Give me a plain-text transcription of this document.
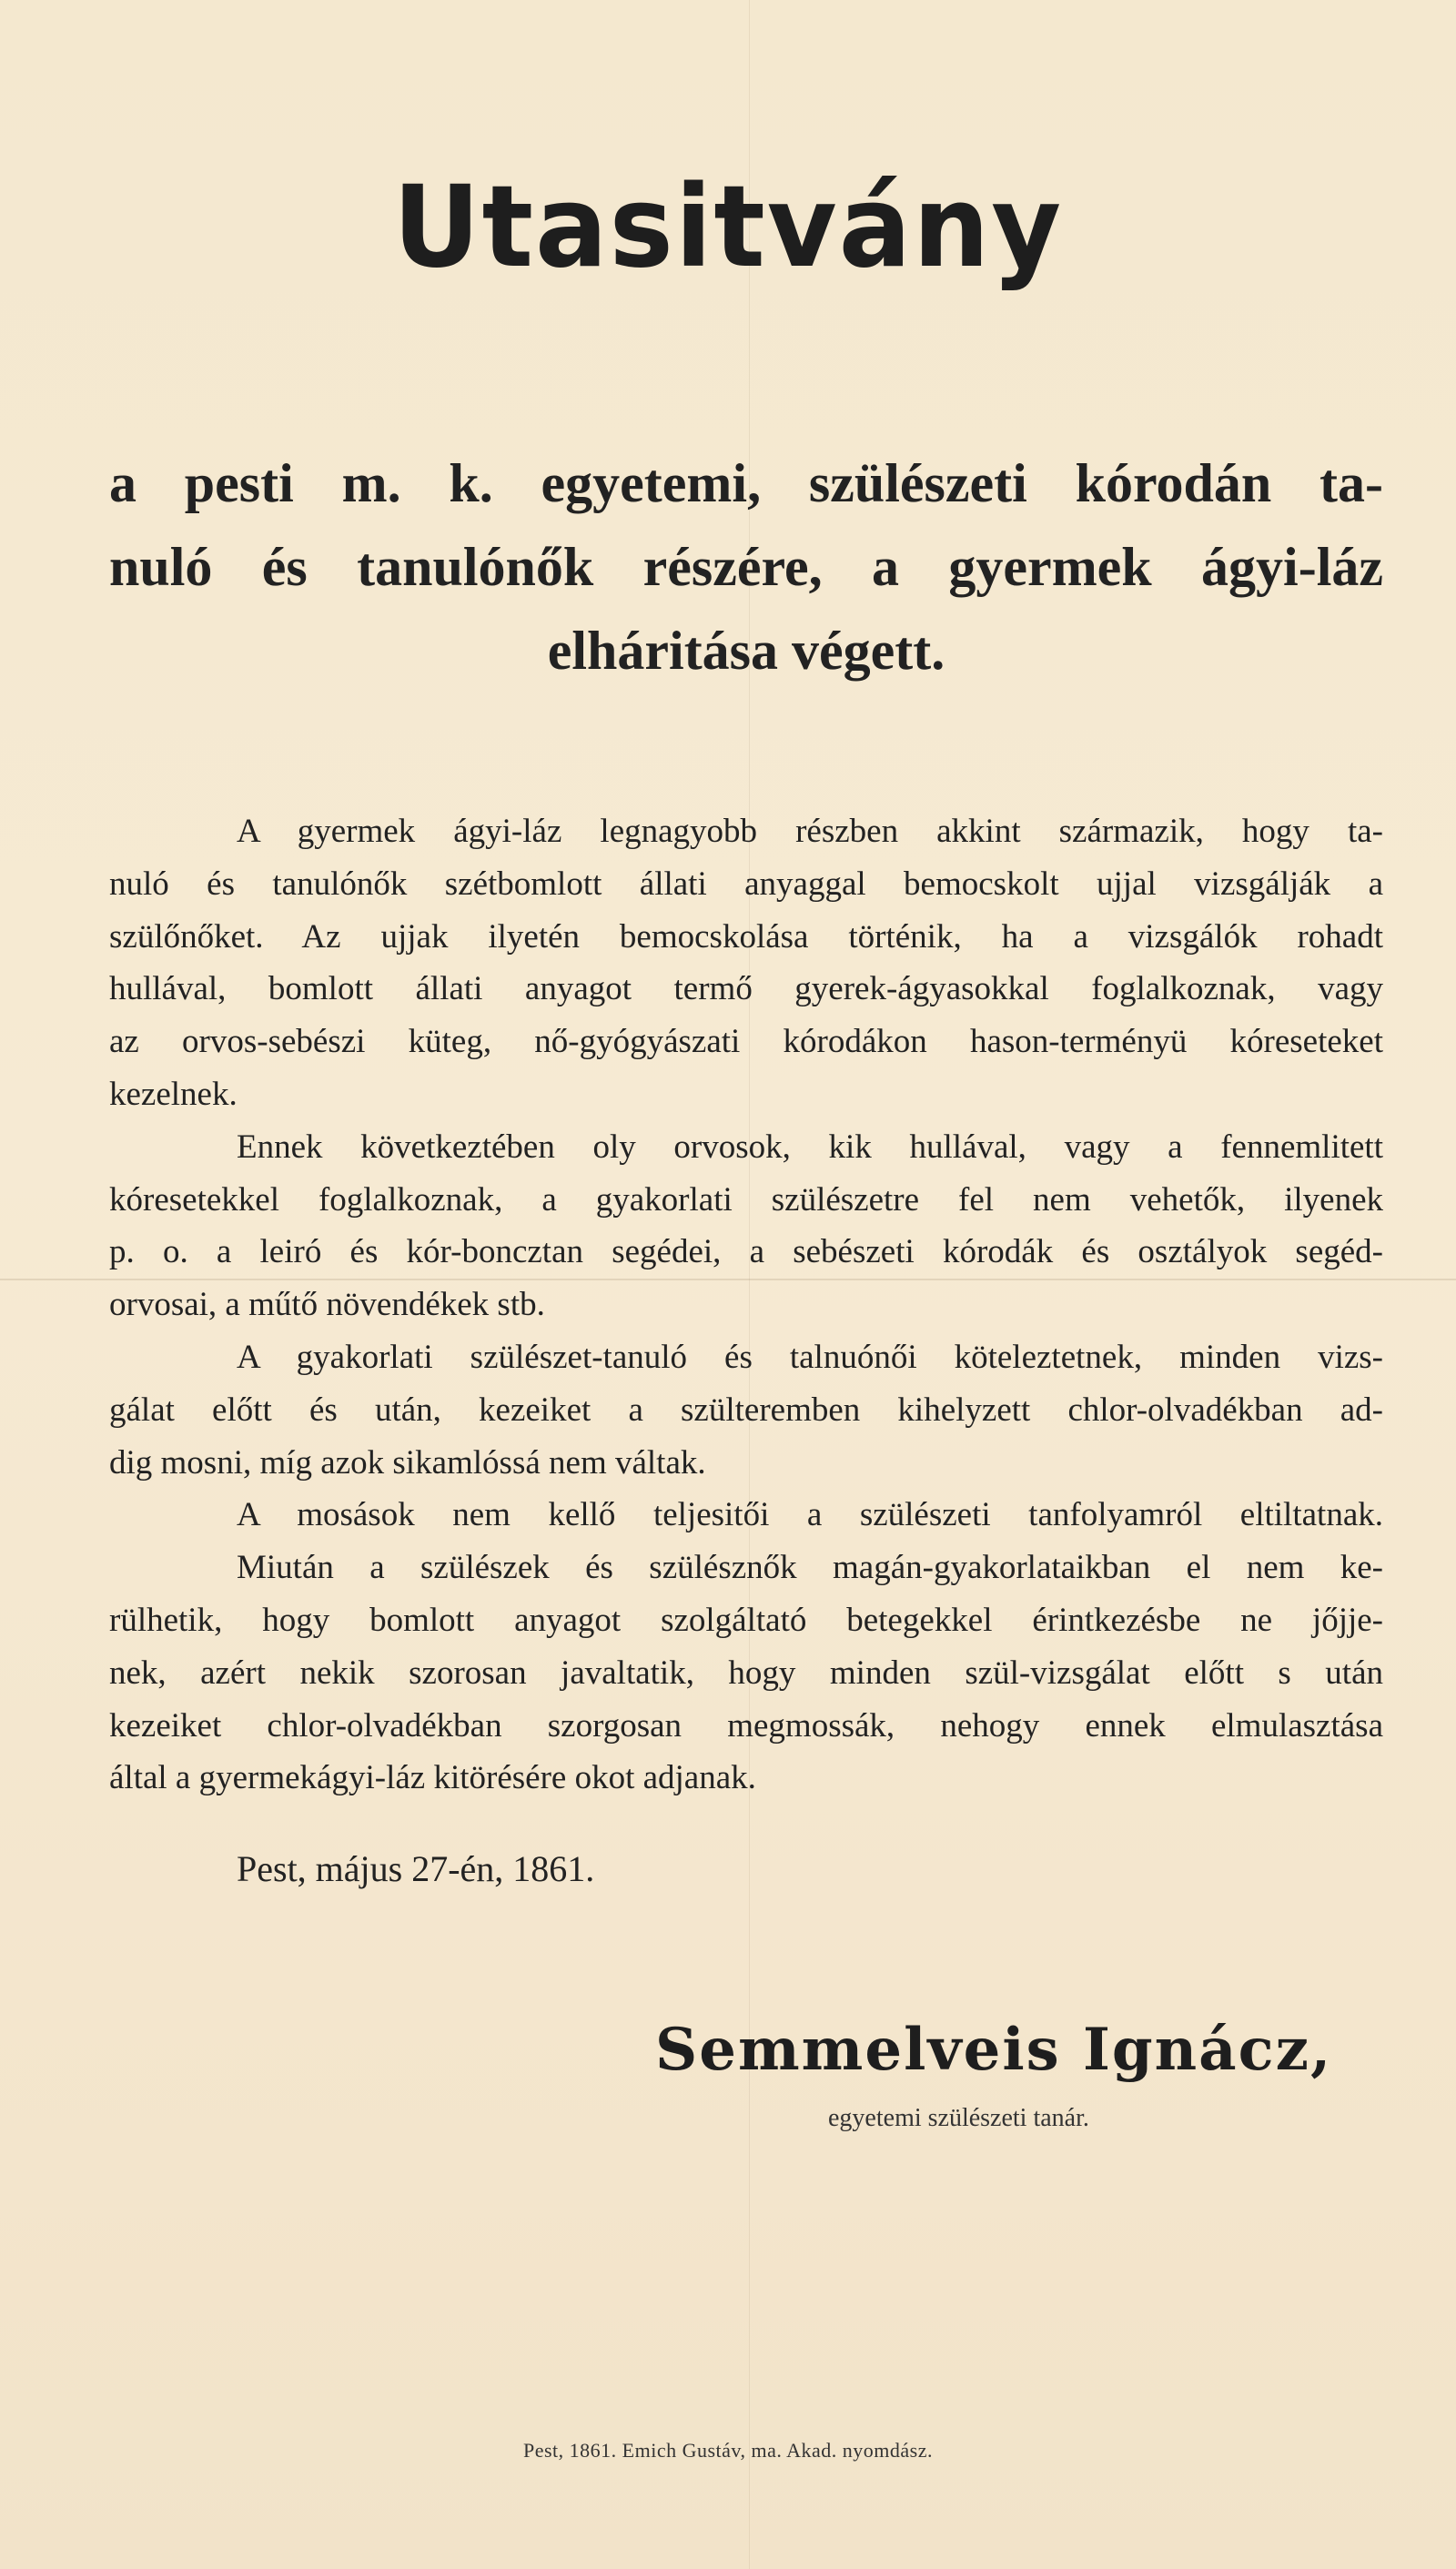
Utasitvány
a pesti m. k. egyetemi, szülészeti kórodán ta-
nuló és tanulónők részére, a gyermek ágyi-láz
elháritása végett.
A gyermek ágyi-láz legnagyobb részben akkint származik, hogy ta-
nuló és tanulónők szétbomlott állati anyaggal bemocskolt ujjal vizsgálják a
szülőnőket. Az ujjak ilyetén bemocskolása történik, ha a vizsgálók rohadt
hullával, bomlott állati anyagot termő gyerek-ágyasokkal foglalkoznak, vagy
az orvos-sebészi küteg, nő-gyógyászati kórodákon hason-terményü kóreseteket
kezelnek.
Ennek következtében oly orvosok, kik hullával, vagy a fennemlitett
kóresetekkel foglalkoznak, a gyakorlati szülészetre fel nem vehetők, ilyenek
p. o. a leiró és kór-boncztan segédei, a sebészeti kórodák és osztályok segéd-
orvosai, a műtő növendékek stb.
A gyakorlati szülészet-tanuló és talnuónői köteleztetnek, minden vizs-
gálat előtt és után, kezeiket a szülteremben kihelyzett chlor-olvadékban ad-
dig mosni, míg azok sikamlóssá nem váltak.
A mosások nem kellő teljesitői a szülészeti tanfolyamról eltiltatnak.
Miután a szülészek és szülésznők magán-gyakorlataikban el nem ke-
rülhetik, hogy bomlott anyagot szolgáltató betegekkel érintkezésbe ne jőjje-
nek, azért nekik szorosan javaltatik, hogy minden szül-vizsgálat előtt s után
kezeiket chlor-olvadékban szorgosan megmossák, nehogy ennek elmulasztása
által a gyermekágyi-láz kitörésére okot adjanak.
Pest, május 27-én, 1861.
Semmelveis Ignácz,
egyetemi szülészeti tanár.
Pest, 1861. Emich Gustáv, ma. Akad. nyomdász.
